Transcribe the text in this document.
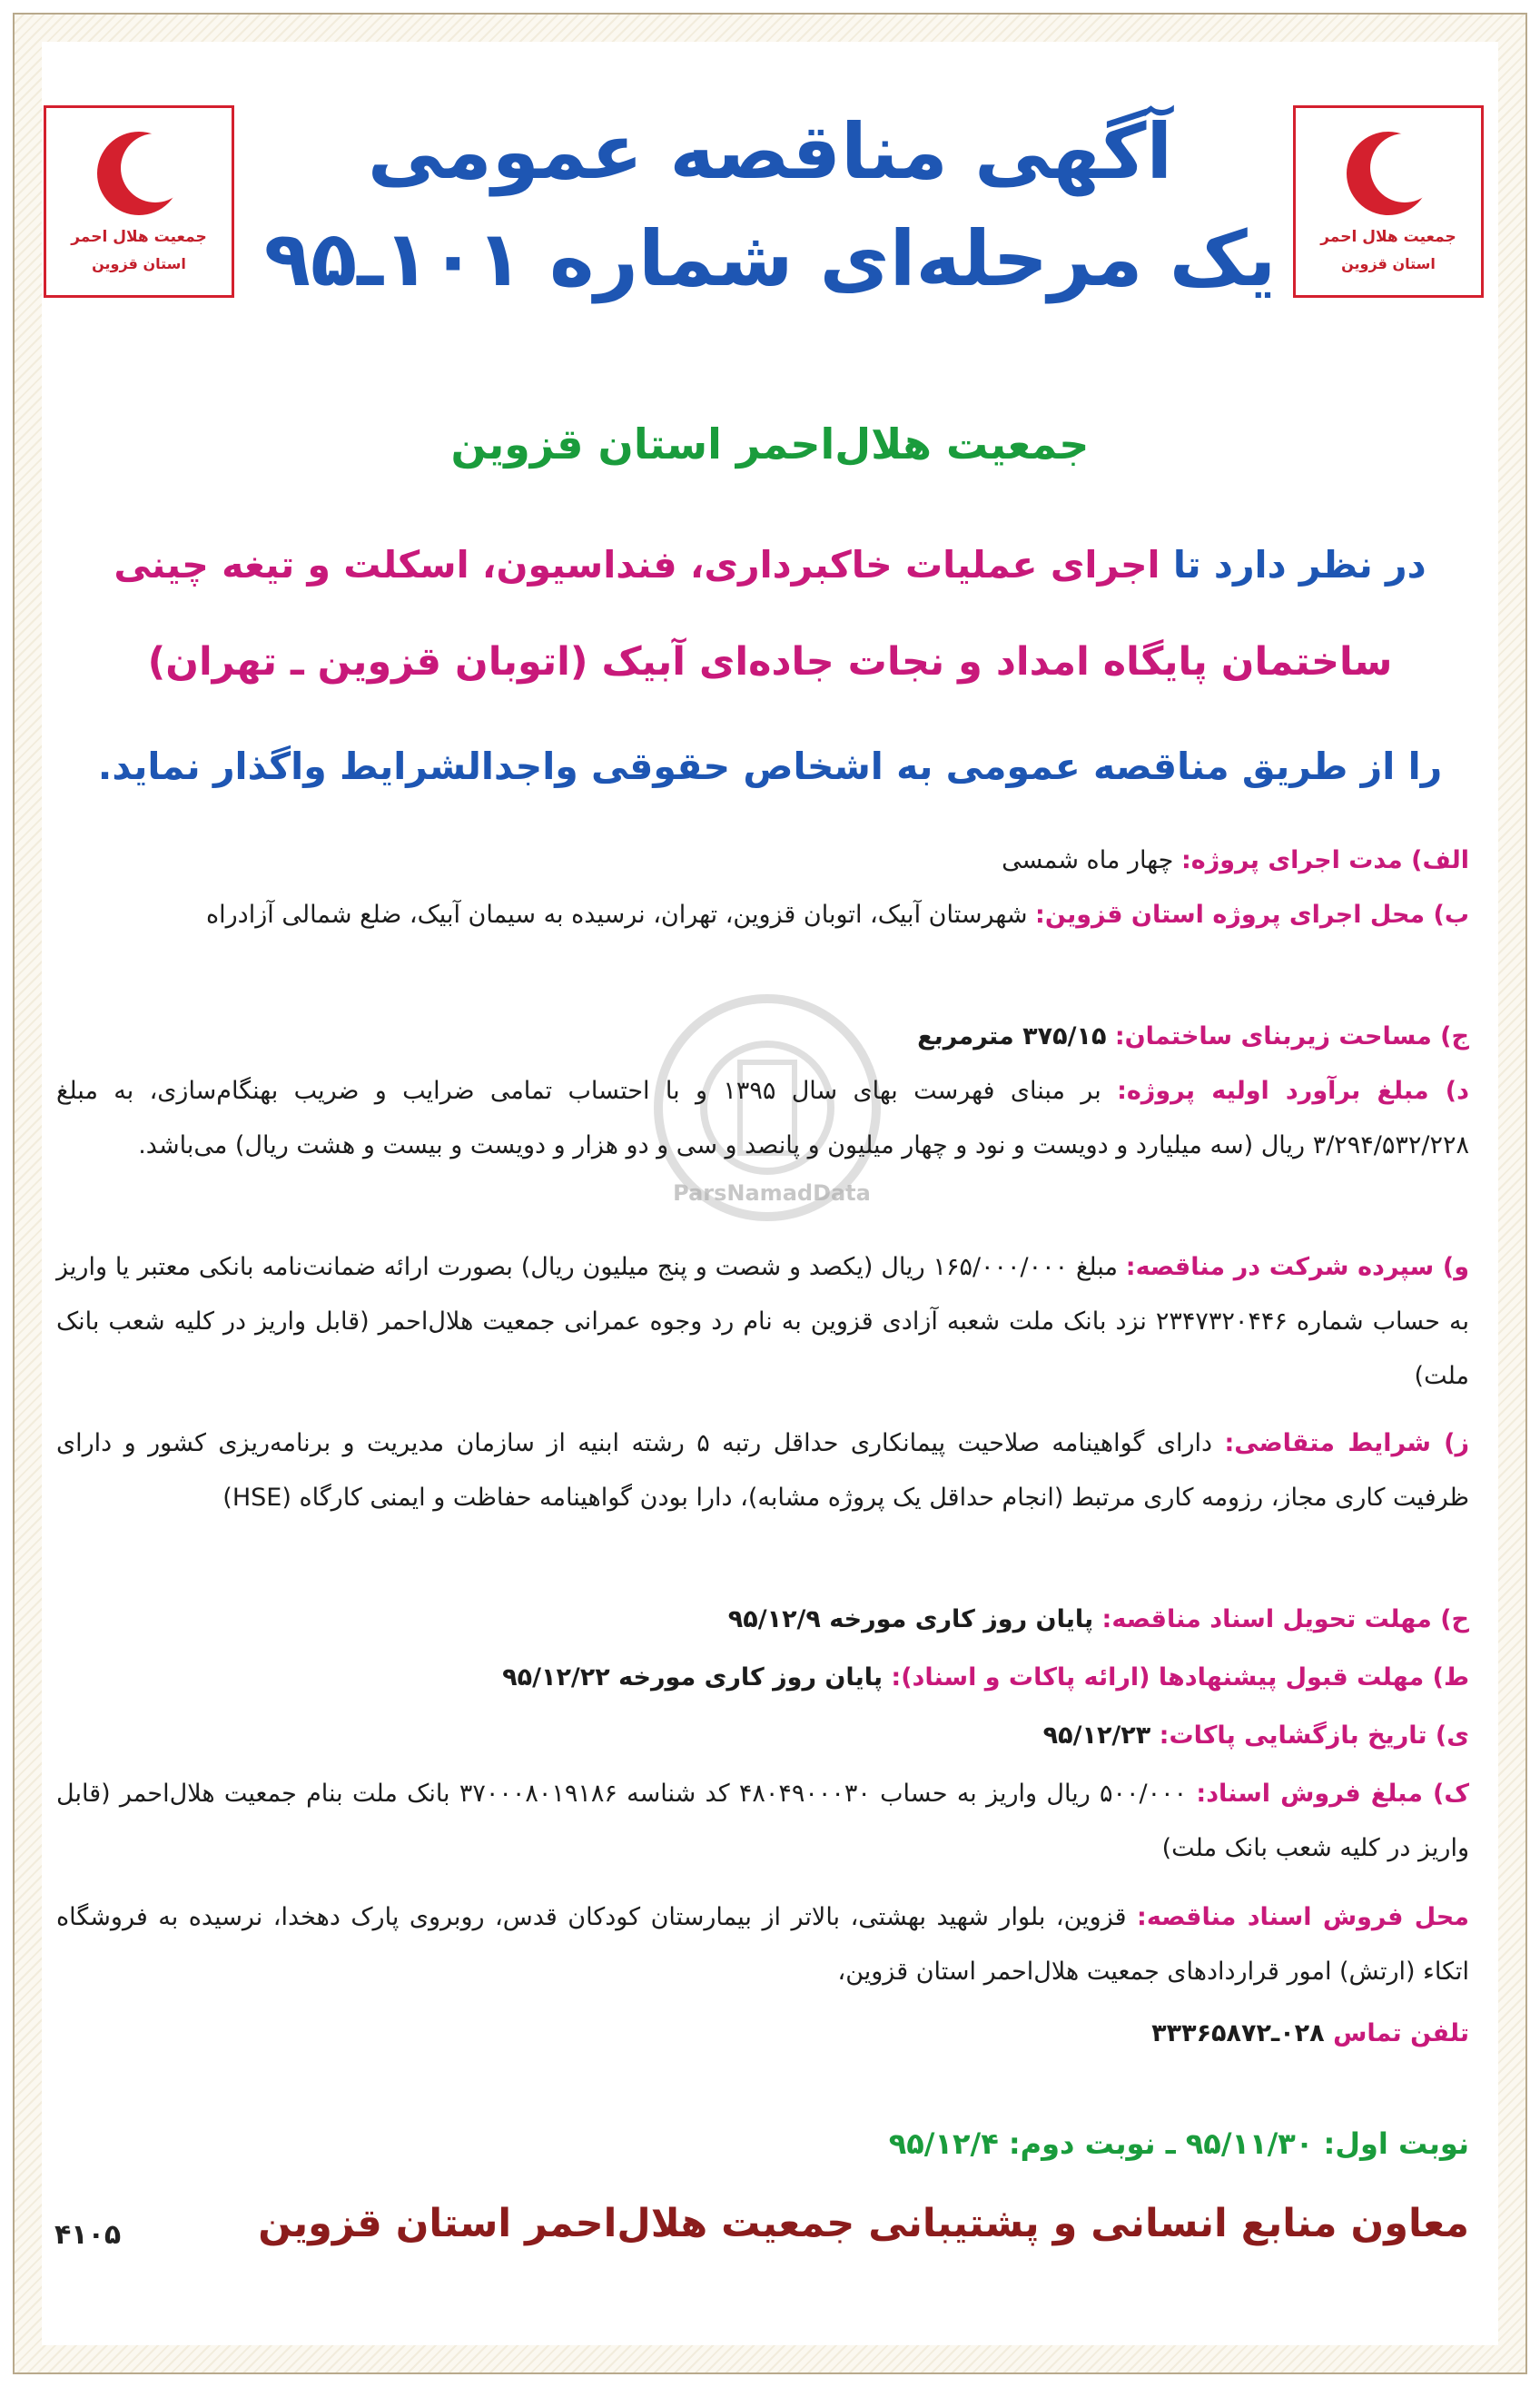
جمعیت هلال احمر
استان قزوین
جمعیت هلال احمر
استان قزوین
آگهی مناقصه عمومی
یک مرحله‌ای شماره ۱۰۱ـ۹۵
جمعیت هلال‌احمر استان قزوین
در نظر دارد تا اجرای عملیات خاکبرداری، فنداسیون، اسکلت و تیغه چینی
ساختمان پایگاه امداد و نجات جاده‌ای آبیک (اتوبان قزوین ـ تهران)
را از طریق مناقصه عمومی به اشخاص حقوقی واجدالشرایط واگذار نماید.
ParsNamadData
الف) مدت اجرای پروژه: چهار ماه شمسی
ب) محل اجرای پروژه استان قزوین: شهرستان آبیک، اتوبان قزوین، تهران، نرسیده به سیمان آبیک، ضلع شمالی آزادراه
ج) مساحت زیربنای ساختمان: ۳۷۵/۱۵ مترمربع
د) مبلغ برآورد اولیه پروژه: بر مبنای فهرست بهای سال ۱۳۹۵ و با احتساب تمامی ضرایب و ضریب بهنگام‌سازی، به مبلغ ۳/۲۹۴/۵۳۲/۲۲۸ ریال (سه میلیارد و دویست و نود و چهار میلیون و پانصد و سی و دو هزار و دویست و بیست و هشت ریال) می‌باشد.
و) سپرده شرکت در مناقصه: مبلغ ۱۶۵/۰۰۰/۰۰۰ ریال (یکصد و شصت و پنج میلیون ریال) بصورت ارائه ضمانت‌نامه بانکی معتبر یا واریز به حساب شماره ۲۳۴۷۳۲۰۴۴۶ نزد بانک ملت شعبه آزادی قزوین به نام رد وجوه عمرانی جمعیت هلال‌احمر (قابل واریز در کلیه شعب بانک ملت)
ز) شرایط متقاضی: دارای گواهینامه صلاحیت پیمانکاری حداقل رتبه ۵ رشته ابنیه از سازمان مدیریت و برنامه‌ریزی کشور و دارای ظرفیت کاری مجاز، رزومه کاری مرتبط (انجام حداقل یک پروژه مشابه)، دارا بودن گواهینامه حفاظت و ایمنی کارگاه (HSE)
ح) مهلت تحویل اسناد مناقصه: پایان روز کاری مورخه ۹۵/۱۲/۹
ط) مهلت قبول پیشنهادها (ارائه پاکات و اسناد): پایان روز کاری مورخه ۹۵/۱۲/۲۲
ی) تاریخ بازگشایی پاکات: ۹۵/۱۲/۲۳
ک) مبلغ فروش اسناد: ۵۰۰/۰۰۰ ریال واریز به حساب ۴۸۰۴۹۰۰۰۳۰ کد شناسه ۳۷۰۰۰۸۰۱۹۱۸۶ بانک ملت بنام جمعیت هلال‌احمر (قابل واریز در کلیه شعب بانک ملت)
محل فروش اسناد مناقصه: قزوین، بلوار شهید بهشتی، بالاتر از بیمارستان کودکان قدس، روبروی پارک دهخدا، نرسیده به فروشگاه اتکاء (ارتش) امور قراردادهای جمعیت هلال‌احمر استان قزوین،
تلفن تماس ۰۲۸ـ۳۳۳۶۵۸۷۲
نوبت اول: ۹۵/۱۱/۳۰ ـ نوبت دوم: ۹۵/۱۲/۴
معاون منابع انسانی و پشتیبانی جمعیت هلال‌احمر استان قزوین
۴۱۰۵
